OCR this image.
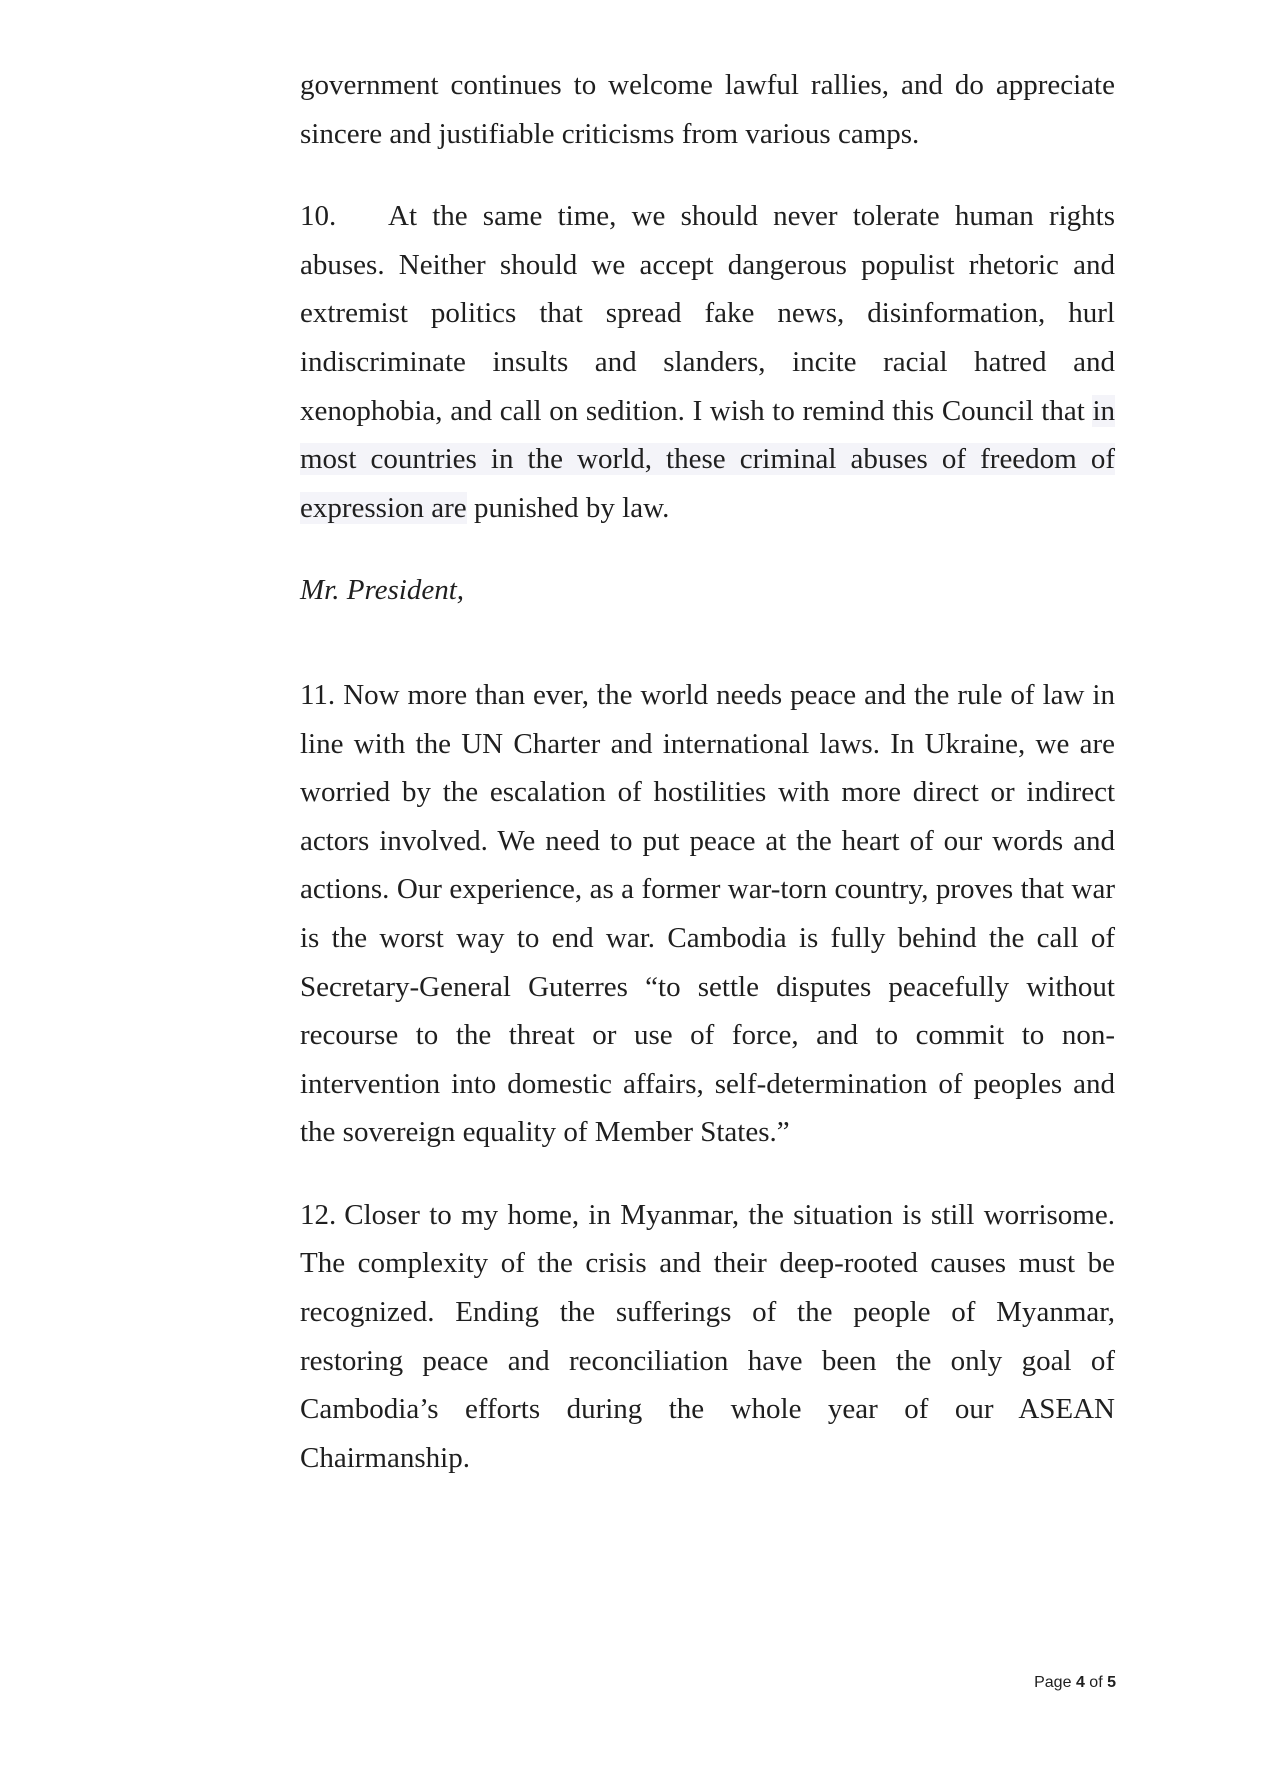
government continues to welcome lawful rallies, and do appreciate sincere and justifiable criticisms from various camps.

10. At the same time, we should never tolerate human rights abuses. Neither should we accept dangerous populist rhetoric and extremist politics that spread fake news, disinformation, hurl indiscriminate insults and slanders, incite racial hatred and xenophobia, and call on sedition. I wish to remind this Council that in most countries in the world, these criminal abuses of freedom of expression are punished by law.

Mr. President,

11. Now more than ever, the world needs peace and the rule of law in line with the UN Charter and international laws. In Ukraine, we are worried by the escalation of hostilities with more direct or indirect actors involved. We need to put peace at the heart of our words and actions. Our experience, as a former war-torn country, proves that war is the worst way to end war. Cambodia is fully behind the call of Secretary-General Guterres “to settle disputes peacefully without recourse to the threat or use of force, and to commit to non-intervention into domestic affairs, self-determination of peoples and the sovereign equality of Member States.”

12. Closer to my home, in Myanmar, the situation is still worrisome. The complexity of the crisis and their deep-rooted causes must be recognized. Ending the sufferings of the people of Myanmar, restoring peace and reconciliation have been the only goal of Cambodia’s efforts during the whole year of our ASEAN Chairmanship.

Page 4 of 5
